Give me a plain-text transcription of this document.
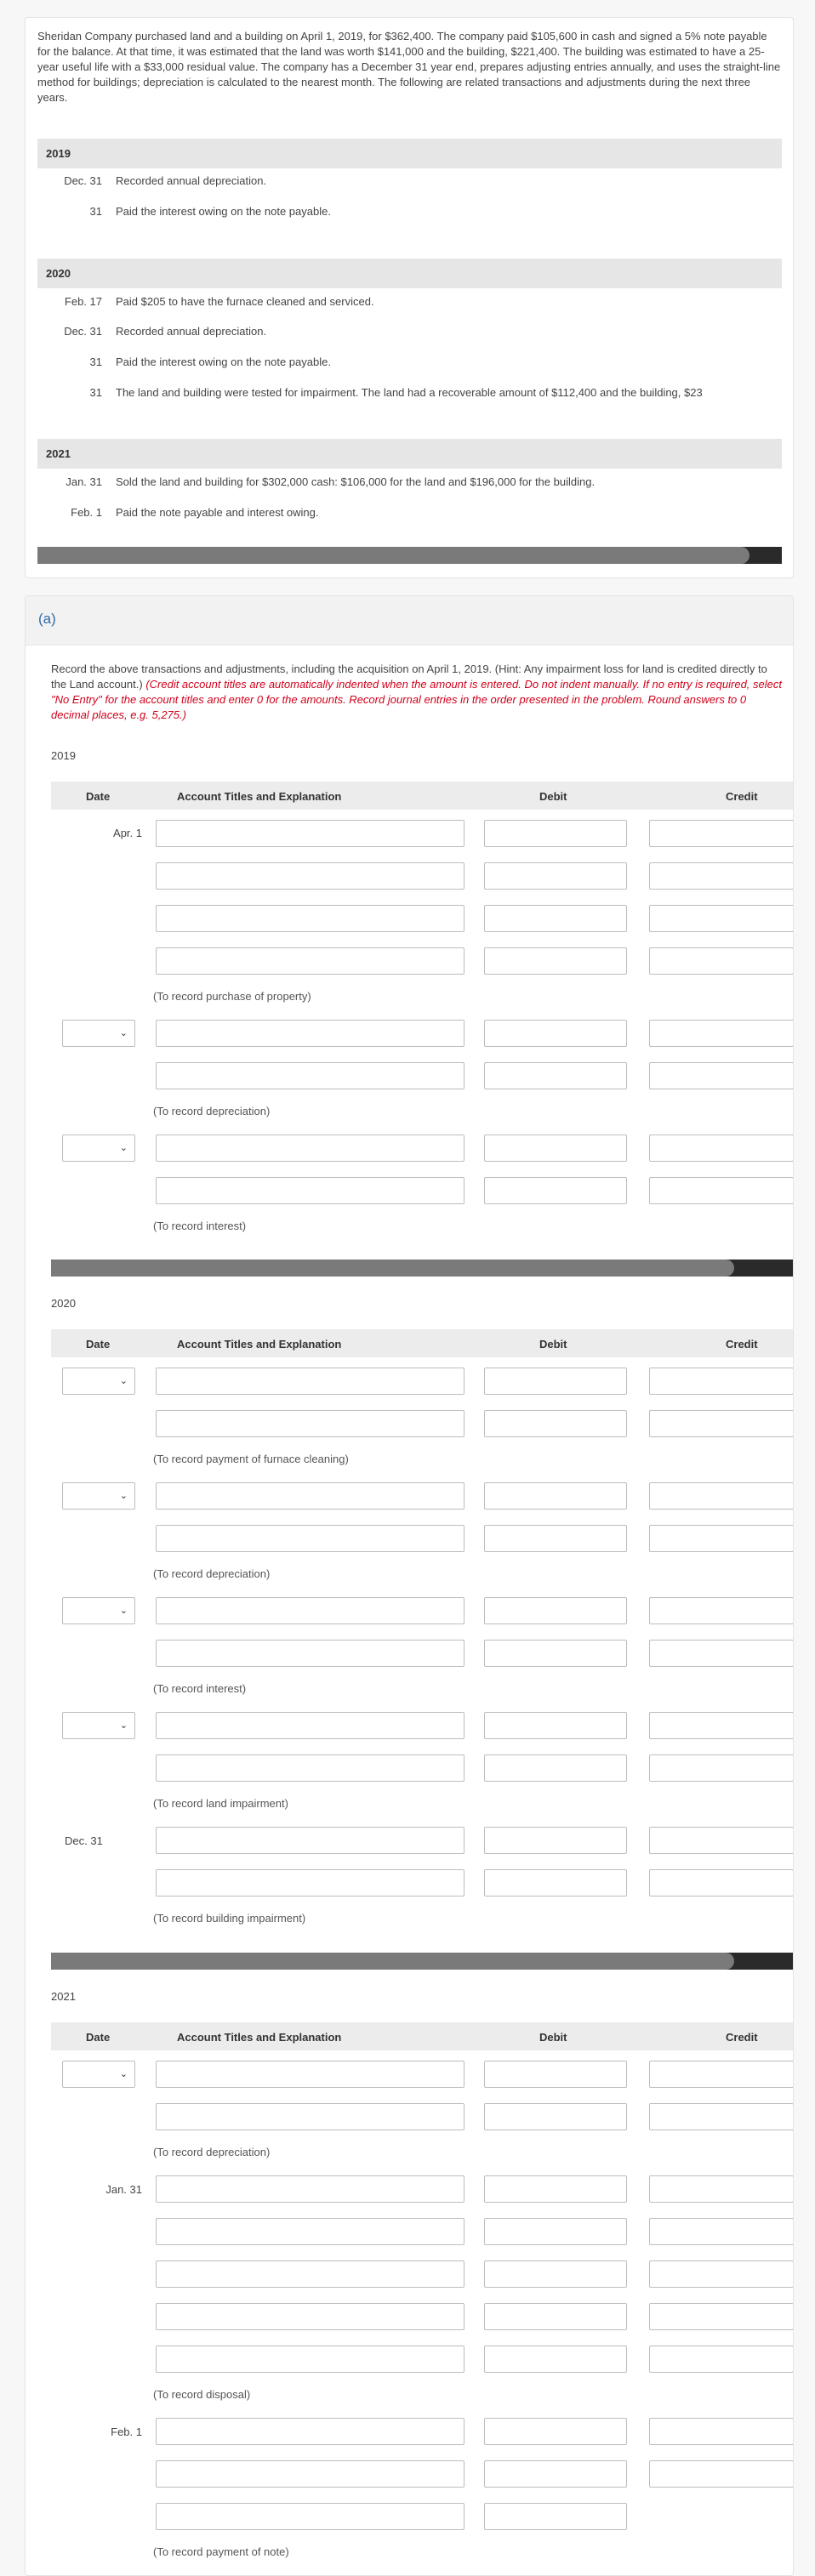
Sheridan Company purchased land and a building on April 1, 2019, for $362,400. The company paid $105,600 in cash and signed a 5% note payable for the balance. At that time, it was estimated that the land was worth $141,000 and the building, $221,400. The building was estimated to have a 25-year useful life with a $33,000 residual value. The company has a December 31 year end, prepares adjusting entries annually, and uses the straight-line method for buildings; depreciation is calculated to the nearest month. The following are related transactions and adjustments during the next three years.
2019
Dec. 31 Recorded annual depreciation.
31 Paid the interest owing on the note payable.
2020
Feb. 17 Paid $205 to have the furnace cleaned and serviced.
Dec. 31 Recorded annual depreciation.
31 Paid the interest owing on the note payable.
31 The land and building were tested for impairment. The land had a recoverable amount of $112,400 and the building, $23
2021
Jan. 31 Sold the land and building for $302,000 cash: $106,000 for the land and $196,000 for the building.
Feb. 1 Paid the note payable and interest owing.
(a)
Record the above transactions and adjustments, including the acquisition on April 1, 2019. (Hint: Any impairment loss for land is credited directly to the Land account.) (Credit account titles are automatically indented when the amount is entered. Do not indent manually. If no entry is required, select "No Entry" for the account titles and enter 0 for the amounts. Record journal entries in the order presented in the problem. Round answers to 0 decimal places, e.g. 5,275.)
2019
Date	Account Titles and Explanation	Debit	Credit
Apr. 1
(To record purchase of property)
⌄
(To record depreciation)
⌄
(To record interest)
2020
Date	Account Titles and Explanation	Debit	Credit
⌄
(To record payment of furnace cleaning)
⌄
(To record depreciation)
⌄
(To record interest)
⌄
(To record land impairment)
Dec. 31
(To record building impairment)
2021
Date	Account Titles and Explanation	Debit	Credit
⌄
(To record depreciation)
Jan. 31
(To record disposal)
Feb. 1
(To record payment of note)
